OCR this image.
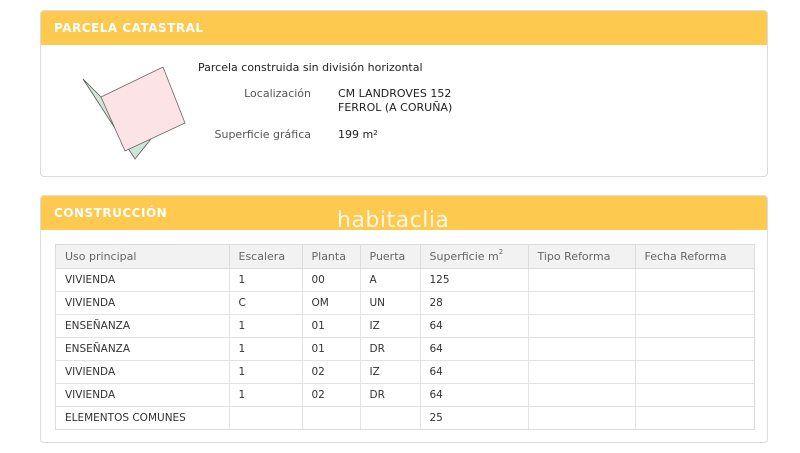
PARCELA CATASTRAL
Parcela construida sin división horizontal
Localización CM LANDROVES 152
FERROL (A CORUÑA)
Superficie gráfica 199 $m^2$
CONSTRUCCIÓN
Uso principal	Escalera	Planta	Puerta	Superficie $m^2$	Tipo Reforma	Fecha Reforma
VIVIENDA	1	00	A	125		
VIVIENDA	C	OM	UN	28		
ENSEÑANZA	1	01	IZ	64		
ENSEÑANZA	1	01	DR	64		
VIVIENDA	1	02	IZ	64		
VIVIENDA	1	02	DR	64		
ELEMENTOS COMUNES				25		
habitaclia
